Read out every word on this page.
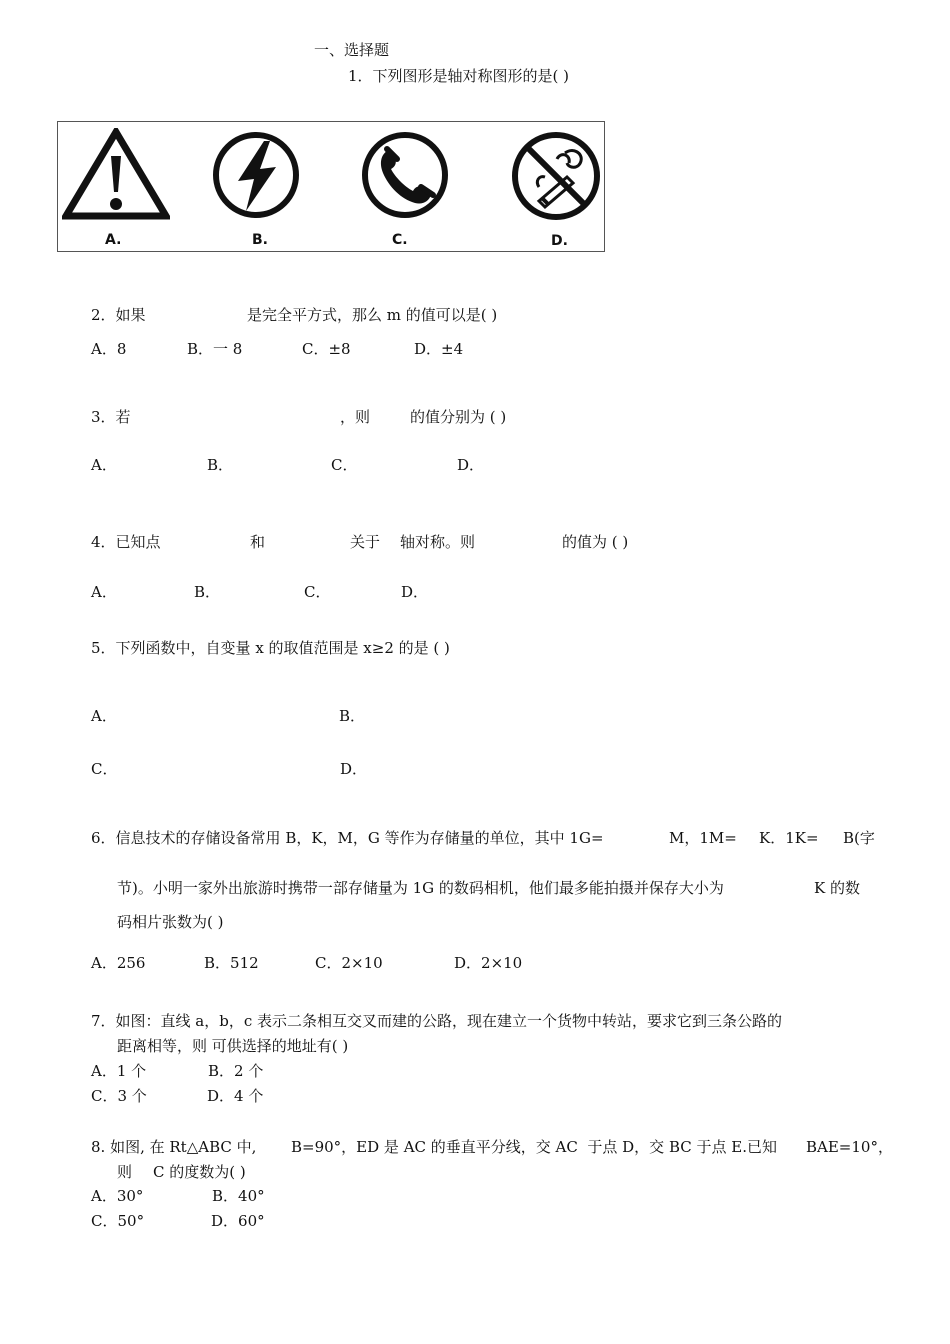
一、选择题
1．下列图形是轴对称图形的是( )
A.	B.	C.	D.
2．如果	是完全平方式，那么 m 的值可以是( )
A．8	B．一 8	C．±8	D．±4
3．若	，则	的值分别为 ( )
A．	B．	C．	D．
4．已知点	和	关于 轴对称。则	的值为 ( )
A．	B．	C．	D．
5．下列函数中，自变量 x 的取值范围是 x≥2 的是 ( )
A．	B．
C．	D．
6．信息技术的存储设备常用 B，K，M，G 等作为存储量的单位，其中 1G=	M，1M= K．1K= B(字
节)。小明一家外出旅游时携带一部存储量为 1G 的数码相机，他们最多能拍摄并保存大小为	K 的数
码相片张数为( )
A．256	B．512	C．2×10	D．2×10
7．如图：直线 a，b，c 表示二条相互交叉而建的公路，现在建立一个货物中转站，要求它到三条公路的
距离相等，则 可供选择的地址有( )
A．1 个	B．2 个
C．3 个	D．4 个
8. 如图, 在 Rt△ABC 中, B=90°，ED 是 AC 的垂直平分线，交 AC  于点 D，交 BC 于点 E.已知 BAE=10°，
则 C 的度数为( )
A．30°	B．40°
C．50°	D．60°
